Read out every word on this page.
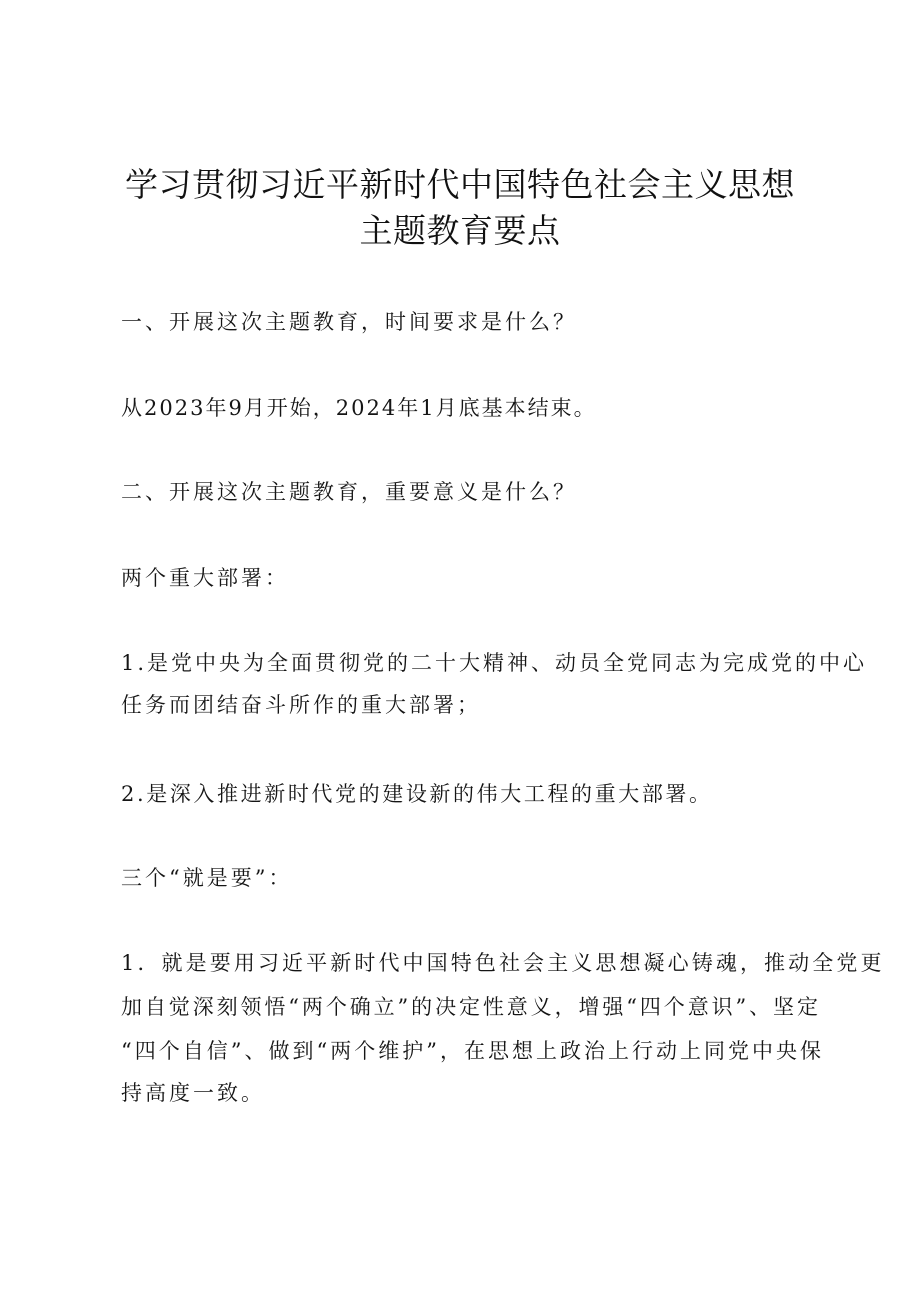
学习贯彻习近平新时代中国特色社会主义思想
主题教育要点
一、开展这次主题教育，时间要求是什么？
从2023年9月开始，2024年1月底基本结束。
二、开展这次主题教育，重要意义是什么？
两个重大部署：
1.是党中央为全面贯彻党的二十大精神、动员全党同志为完成党的中心
任务而团结奋斗所作的重大部署；
2.是深入推进新时代党的建设新的伟大工程的重大部署。
三个“就是要”：
1．就是要用习近平新时代中国特色社会主义思想凝心铸魂，推动全党更
加自觉深刻领悟“两个确立”的决定性意义，增强“四个意识”、坚定
“四个自信”、做到“两个维护”，在思想上政治上行动上同党中央保
持高度一致。
